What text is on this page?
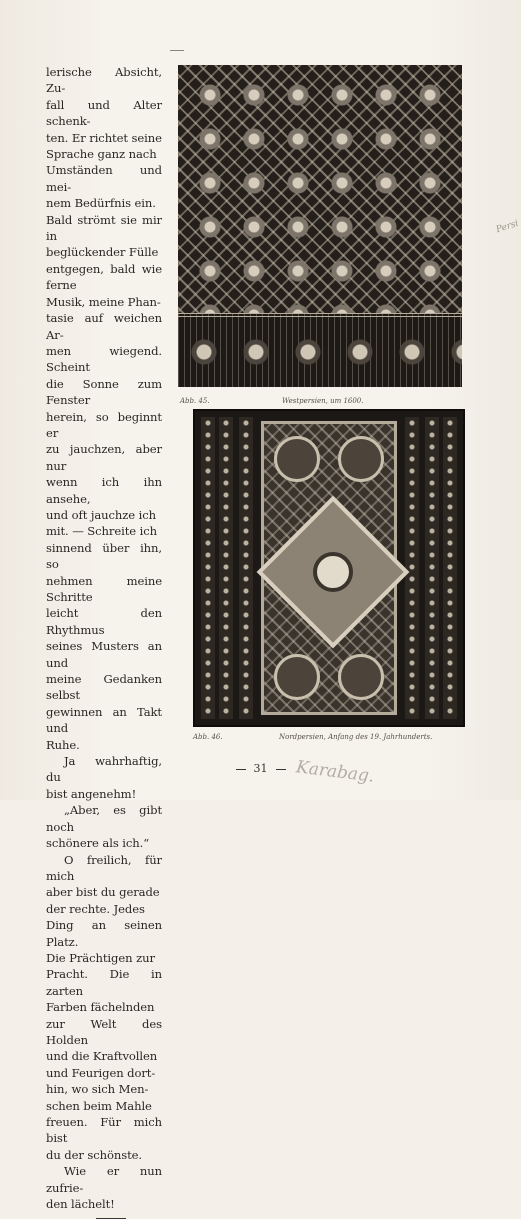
lerische Absicht, Zu-

fall und Alter schenk-

ten. Er richtet seine

Sprache ganz nach

Umständen und mei-

nem Bedürfnis ein.

Bald strömt sie mir in

beglückender Fülle

entgegen, bald wie ferne

Musik, meine Phan-

tasie auf weichen Ar-

men wiegend. Scheint

die Sonne zum Fenster

herein, so beginnt er

zu jauchzen, aber nur

wenn ich ihn ansehe,

und oft jauchze ich

mit. — Schreite ich

sinnend über ihn, so

nehmen meine Schritte

leicht den Rhythmus

seines Musters an und

meine Gedanken selbst

gewinnen an Takt und

Ruhe.

Ja wahrhaftig, du

bist angenehm!

„Aber, es gibt noch

schönere als ich.“

O freilich, für mich

aber bist du gerade

der rechte. Jedes

Ding an seinen Platz.

Die Prächtigen zur

Pracht. Die in zarten

Farben fächelnden

zur Welt des Holden

und die Kraftvollen

und Feurigen dort-

hin, wo sich Men-

schen beim Mahle

freuen. Für mich bist

du der schönste.

Wie er nun zufrie-

den lächelt!

Abb. 45.	Westpersien, um 1600.
Abb. 46.	Nordpersien, Anfang des 19. Jahrhunderts.
Persi
Karabag.
31
